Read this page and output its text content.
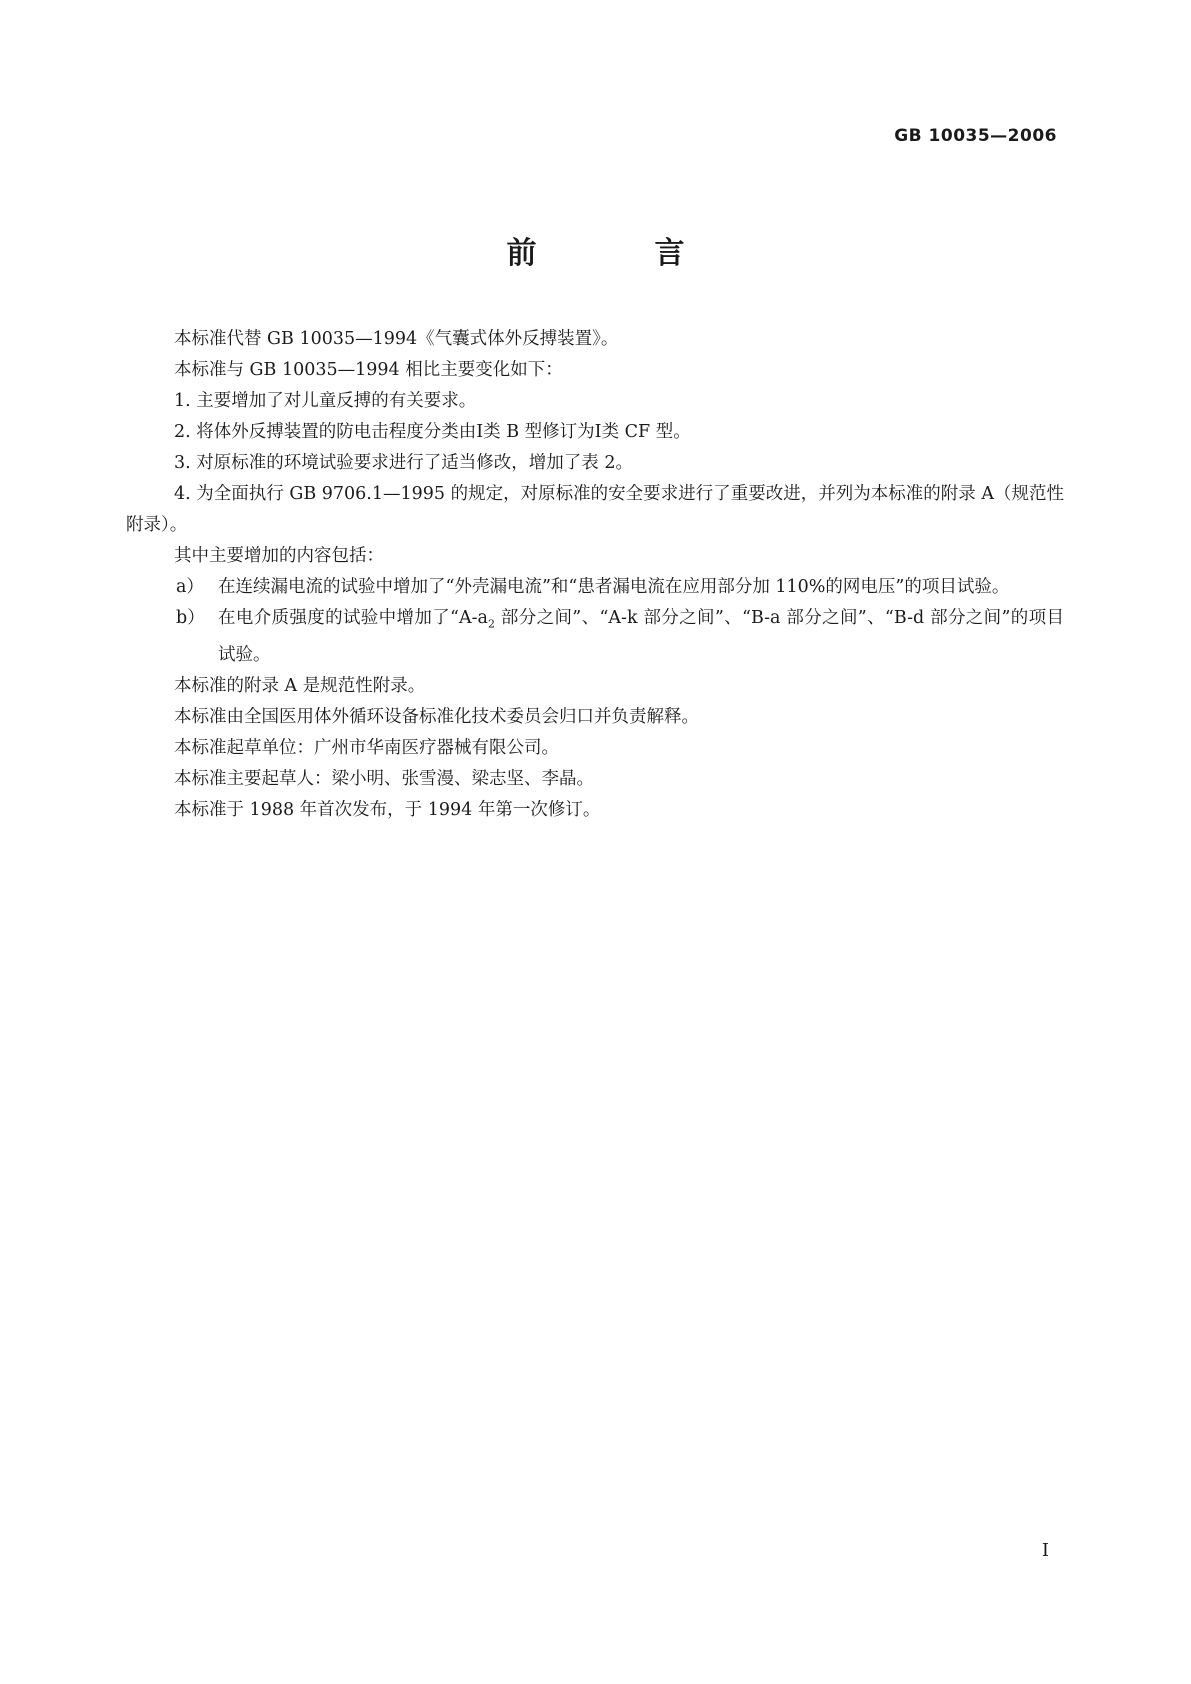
GB 10035—2006
前　言

本标准代替 GB 10035—1994《气囊式体外反搏装置》。

本标准与 GB 10035—1994 相比主要变化如下：

1. 主要增加了对儿童反搏的有关要求。

2. 将体外反搏装置的防电击程度分类由Ⅰ类 B 型修订为Ⅰ类 CF 型。

3. 对原标准的环境试验要求进行了适当修改，增加了表 2。

4. 为全面执行 GB 9706.1—1995 的规定，对原标准的安全要求进行了重要改进，并列为本标准的附录 A（规范性附录）。

其中主要增加的内容包括：

a） 在连续漏电流的试验中增加了“外壳漏电流”和“患者漏电流在应用部分加 110%的网电压”的项目试验。
b） 在电介质强度的试验中增加了“$A-a_2$ 部分之间”、“A-k 部分之间”、“B-a 部分之间”、“B-d 部分之间”的项目试验。

本标准的附录 A 是规范性附录。

本标准由全国医用体外循环设备标准化技术委员会归口并负责解释。

本标准起草单位：广州市华南医疗器械有限公司。

本标准主要起草人：梁小明、张雪漫、梁志坚、李晶。

本标准于 1988 年首次发布，于 1994 年第一次修订。

Ⅰ
